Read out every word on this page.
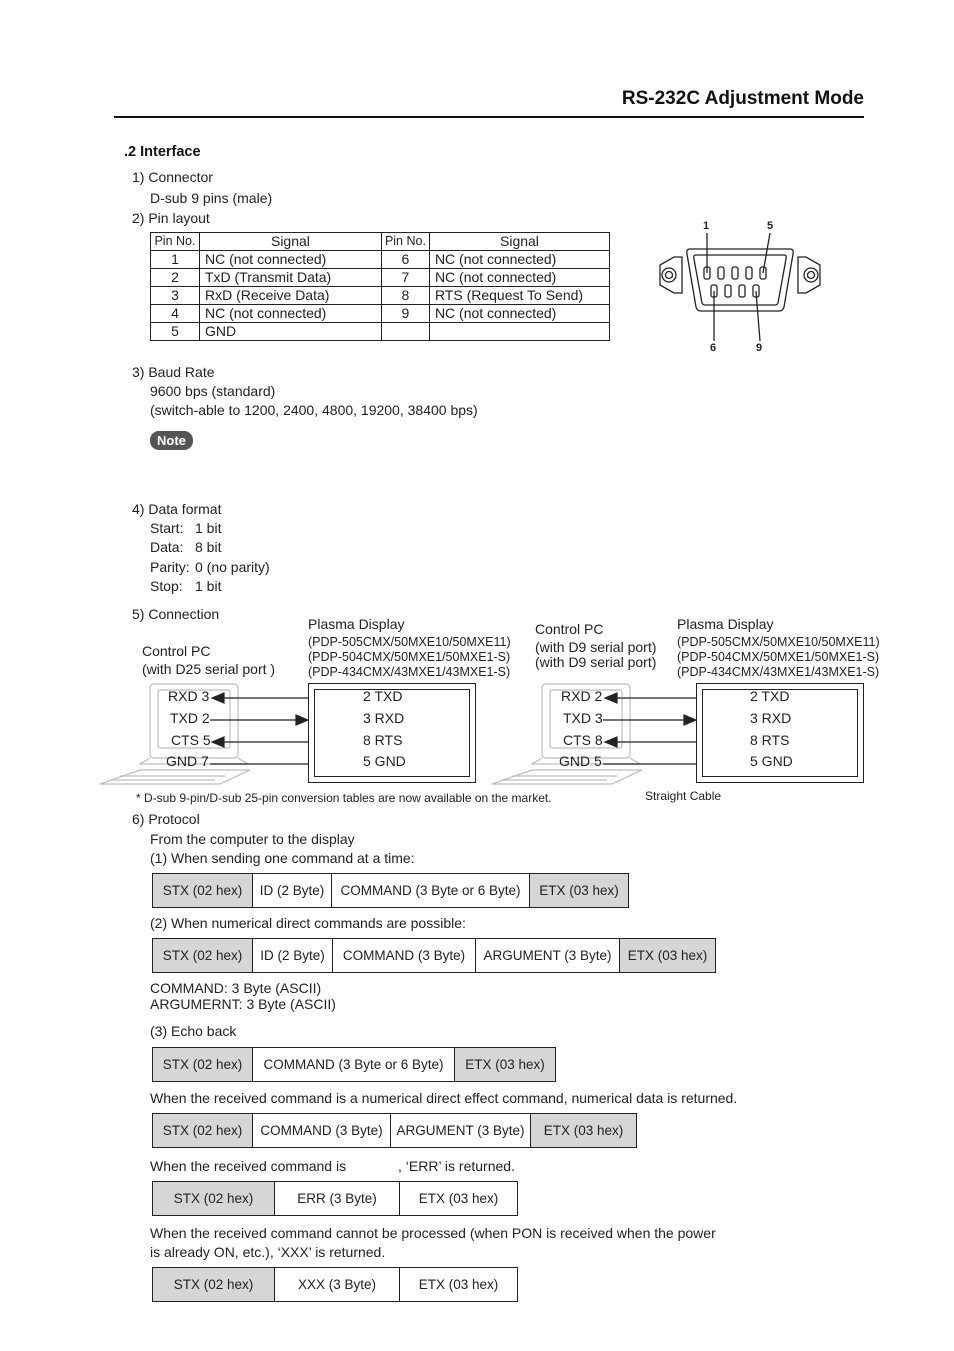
RS-232C Adjustment Mode
.2 Interface
1) Connector
D-sub 9 pins (male)
2) Pin layout
Pin No.	Signal	Pin No.	Signal
1	NC (not connected)	6	NC (not connected)
2	TxD (Transmit Data)	7	NC (not connected)
3	RxD (Receive Data)	8	RTS (Request To Send)
4	NC (not connected)	9	NC (not connected)
5	GND		
1	5
6	9
3) Baud Rate
9600 bps (standard)
(switch-able to 1200, 2400, 4800, 19200, 38400 bps)
Note
4) Data format
Start: 1 bit
Data: 8 bit
Parity: 0 (no parity)
Stop: 1 bit
5) Connection
Plasma Display
(PDP-505CMX/50MXE10/50MXE11)
(PDP-504CMX/50MXE1/50MXE1-S)
(PDP-434CMX/43MXE1/43MXE1-S)
Control PC
(with D25 serial port )
RXD 3
TXD 2
CTS 5
GND 7
2 TXD
3 RXD
8 RTS
5 GND
Control PC
(with D9 serial port)
(with D9 serial port)
Plasma Display
(PDP-505CMX/50MXE10/50MXE11)
(PDP-504CMX/50MXE1/50MXE1-S)
(PDP-434CMX/43MXE1/43MXE1-S)
RXD 2
TXD 3
CTS 8
GND 5
2 TXD
3 RXD
8 RTS
5 GND
* D-sub 9-pin/D-sub 25-pin conversion tables are now available on the market.	Straight Cable
6) Protocol
From the computer to the display
(1) When sending one command at a time:
STX (02 hex)	ID (2 Byte)	COMMAND (3 Byte or 6 Byte)	ETX (03 hex)
(2) When numerical direct commands are possible:
STX (02 hex)	ID (2 Byte)	COMMAND (3 Byte)	ARGUMENT (3 Byte)	ETX (03 hex)
COMMAND: 3 Byte (ASCII)
ARGUMERNT: 3 Byte (ASCII)
(3) Echo back
STX (02 hex)	COMMAND (3 Byte or 6 Byte)	ETX (03 hex)
When the received command is a numerical direct effect command, numerical data is returned.
STX (02 hex)	COMMAND (3 Byte)	ARGUMENT (3 Byte)	ETX (03 hex)
When the received command is	, ‘ERR’ is returned.
STX (02 hex)	ERR (3 Byte)	ETX (03 hex)
When the received command cannot be processed (when PON is received when the power
is already ON, etc.), ‘XXX’ is returned.
STX (02 hex)	XXX (3 Byte)	ETX (03 hex)
